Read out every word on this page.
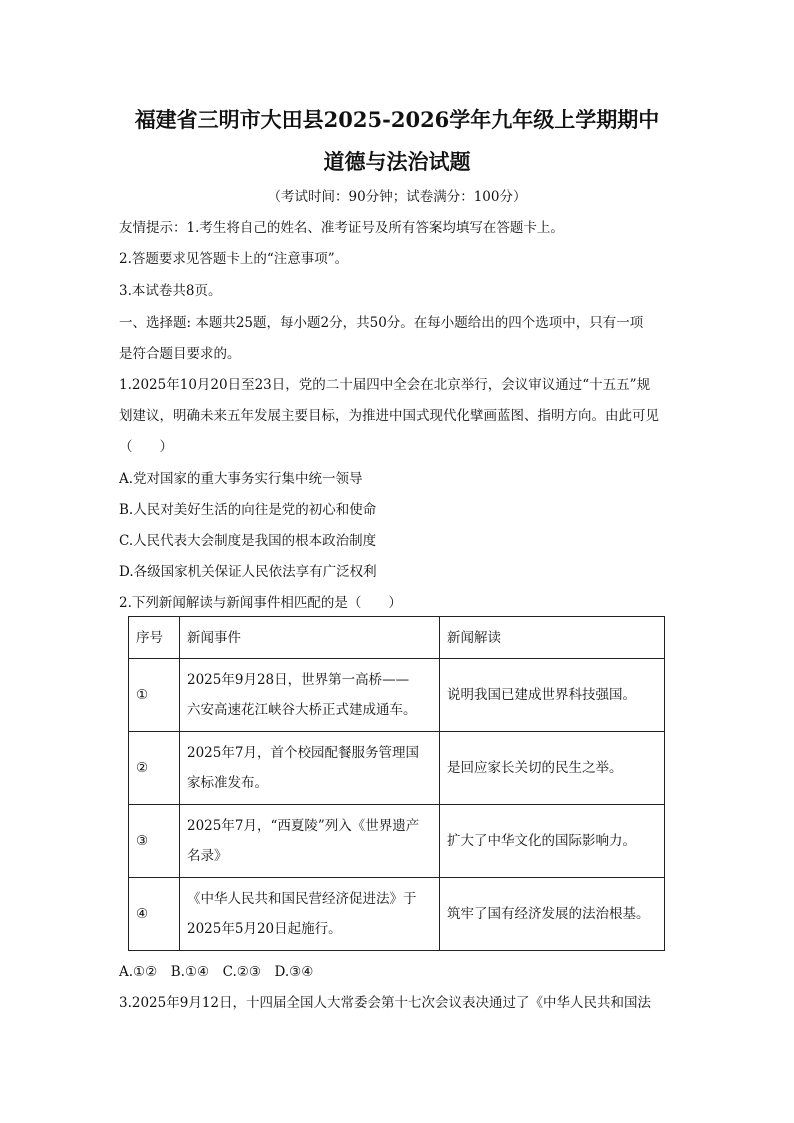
福建省三明市大田县2025-2026学年九年级上学期期中
道德与法治试题
（考试时间：90分钟；试卷满分：100分）
友情提示：1.考生将自己的姓名、准考证号及所有答案均填写在答题卡上。
2.答题要求见答题卡上的“注意事项”。
3.本试卷共8页。
一、选择题: 本题共25题，每小题2分，共50分。在每小题给出的四个选项中，只有一项
是符合题目要求的。
1.2025年10月20日至23日，党的二十届四中全会在北京举行，会议审议通过“十五五”规
划建议，明确未来五年发展主要目标，为推进中国式现代化擘画蓝图、指明方向。由此可见
（　　）
A.党对国家的重大事务实行集中统一领导
B.人民对美好生活的向往是党的初心和使命
C.人民代表大会制度是我国的根本政治制度
D.各级国家机关保证人民依法享有广泛权利
2.下列新闻解读与新闻事件相匹配的是（　　）
序号	新闻事件	新闻解读
①	2025年9月28日，世界第一高桥——
六安高速花江峡谷大桥正式建成通车。	说明我国已建成世界科技强国。
②	2025年7月，首个校园配餐服务管理国
家标准发布。	是回应家长关切的民生之举。
③	2025年7月，“西夏陵”列入《世界遗产
名录》	扩大了中华文化的国际影响力。
④	《中华人民共和国民营经济促进法》于
2025年5月20日起施行。	筑牢了国有经济发展的法治根基。
A.①②　B.①④　C.②③　D.③④
3.2025年9月12日，十四届全国人大常委会第十七次会议表决通过了《中华人民共和国法
